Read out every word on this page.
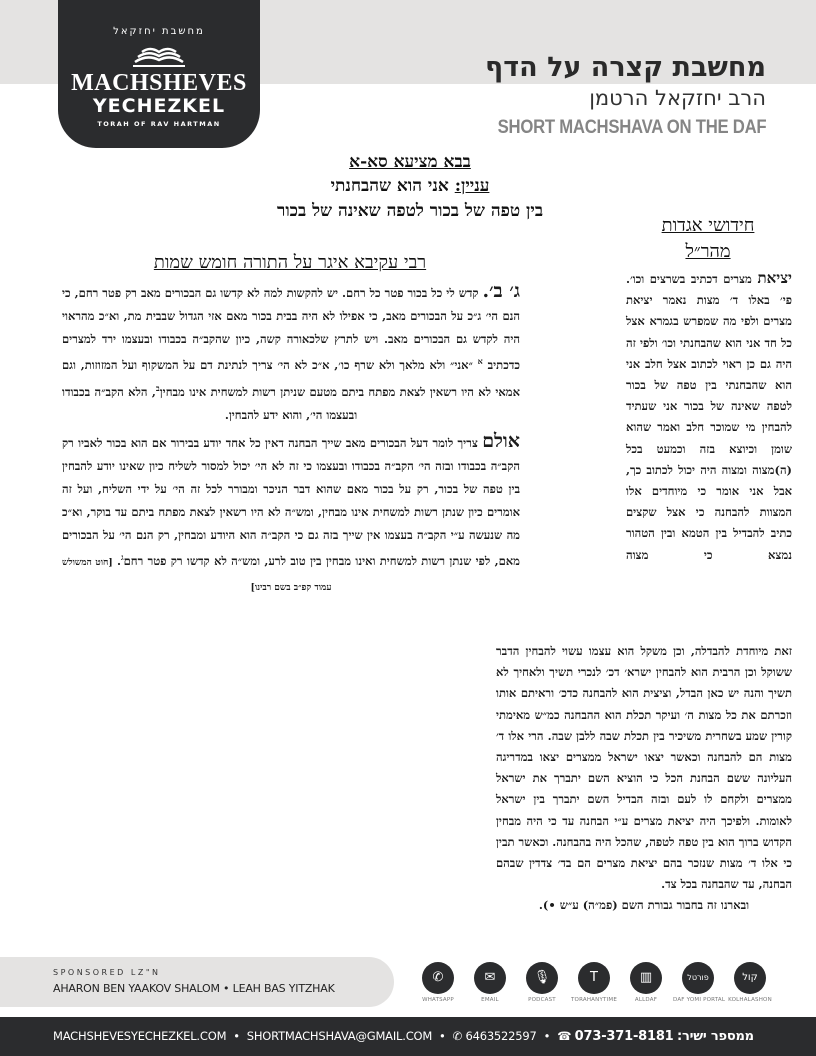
מחשבת יחזקאל
MACHSHEVES
YECHEZKEL
TORAH OF RAV HARTMAN
מחשבת קצרה על הדף
הרב יחזקאל הרטמן
SHORT MACHSHAVA ON THE DAF
בבא מציעא סא-א
עניין: אני הוא שהבחנתי
בין טפה של בכור לטפה שאינה של בכור
רבי עקיבא איגר על התורה חומש שמות

ג׳ ב׳. קדש לי כל בכור פטר כל רחם. יש להקשות למה לא קדשו גם הבכורים מאב רק פטר רחם, כי הנם הי׳ ג״כ על הבכורים מאב, כי אפילו לא היה בבית בכור מאם אזי הגדול שבבית מת, וא״כ מהראוי היה לקדש גם הבכורים מאב. ויש לתרץ שלכאורה קשה, כיון שהקב״ה בכבודו ובעצמו ירד למצרים כדכתיב $^א$ ״אני״ ולא מלאך ולא שרף כו׳, א״כ לא הי׳ צריך לנתינת דם על המשקוף ועל המזוזות, וגם אמאי לא היו רשאין לצאת מפתח ביתם מטעם שניתן רשות למשחית אינו מבחין$^ב$, הלא הקב״ה בכבודו ובעצמו הי׳, והוא ידע להבחין.

אולם צריך לומר דעל הבכורים מאב שייך הבחנה דאין כל אחד יודע בבירור אם הוא בכור לאביו רק הקב״ה בכבודו ובזה הי׳ הקב״ה בכבודו ובעצמו כי זה לא הי׳ יכול למסור לשליח כיון שאינו יודע להבחין בין טפה של בכור, רק על בכור מאם שהוא דבר הניכר ומבורר לכל זה הי׳ על ידי השליח, ועל זה אומרים כיון שנתן רשות למשחית אינו מבחין, ומש״ה לא היו רשאין לצאת מפתח ביתם עד בוקר, וא״כ מה שנעשה ע״י הקב״ה בעצמו אין שייך בזה גם כי הקב״ה הוא היודע ומבחין, רק הנם הי׳ על הבכורים מאם, לפי שנתן רשות למשחית ואינו מבחין בין טוב לרע, ומש״ה לא קדשו רק פטר רחם$^ג$. [חוט המשולש עמוד קפ״ב בשם רבינו]

חידושי אגדות
מהר״ל
יציאת מצרים דכתיב בשרצים וכו׳. פי׳ באלו ד׳ מצות נאמר יציאת מצרים ולפי מה שמפרש בגמרא אצל כל חד אני הוא שהבחנתי וכו׳ ולפי זה היה גם כן ראוי לכתוב אצל חלב אני הוא שהבחנתי בין טפה של בכור לטפה שאינה של בכור אני שעתיד להבחין מי שמוכר חלב ואמר שהוא שומן וכיוצא בזה וכמעט בכל (ה)מצוה ומצוה היה יכול לכתוב כך, אבל אני אומר כי מיוחדים אלו המצוות להבחנה כי אצל שקצים כתיב להבדיל בין הטמא ובין הטהור נמצא כי מצוה
זאת מיוחדת להבדלה, וכן משקל הוא עצמו עשוי להבחין הדבר ששוקל וכן הרבית הוא להבחין ישרא׳ דכ׳ לנכרי תשיך ולאחיך לא תשיך והנה יש כאן הבדל, וציצית הוא להבחנה כדכ׳ וראיתם אותו וזכרתם את כל מצות ה׳ ועיקר תכלת הוא ההבחנה כמ״ש מאימתי קורין שמע בשחרית משיכיר בין תכלת שבה ללבן שבה. הרי אלו ד׳ מצות הם להבחנה וכאשר יצאו ישראל ממצרים יצאו במדריגה העליונה ששם הבחנת הכל כי הוציא השם יתברך את ישראל ממצרים ולקחם לו לעם ובזה הבדיל השם יתברך בין ישראל לאומות. ולפיכך היה יציאת מצרים ע״י הבחנה עד כי היה מבחין הקדוש ברוך הוא בין טפה לטפה, שהכל היה בהבחנה. וכאשר תבין כי אלו ד׳ מצות שנזכר בהם יציאת מצרים הם בד׳ צדדין שבהם הבחנה, עד שהבחנה בכל צד.
ובארנו זה בחבור גבורת השם (פמ״ה) ע״ש •).
SPONSORED LZ"N
AHARON BEN YAAKOV SHALOM • LEAH BAS YITZHAK
✆
WHATSAPP
✉
EMAIL
🎙
PODCAST
T
TORAHANYTIME
▥
ALLDAF
פורטל
DAF YOMI PORTAL
קול
KOLHALASHON
MACHSHEVESYECHEZKEL.COM • SHORTMACHSHAVA@GMAIL.COM • ✆ 6463522597 • ☎ 073-371-8181 ממספר ישיר:
